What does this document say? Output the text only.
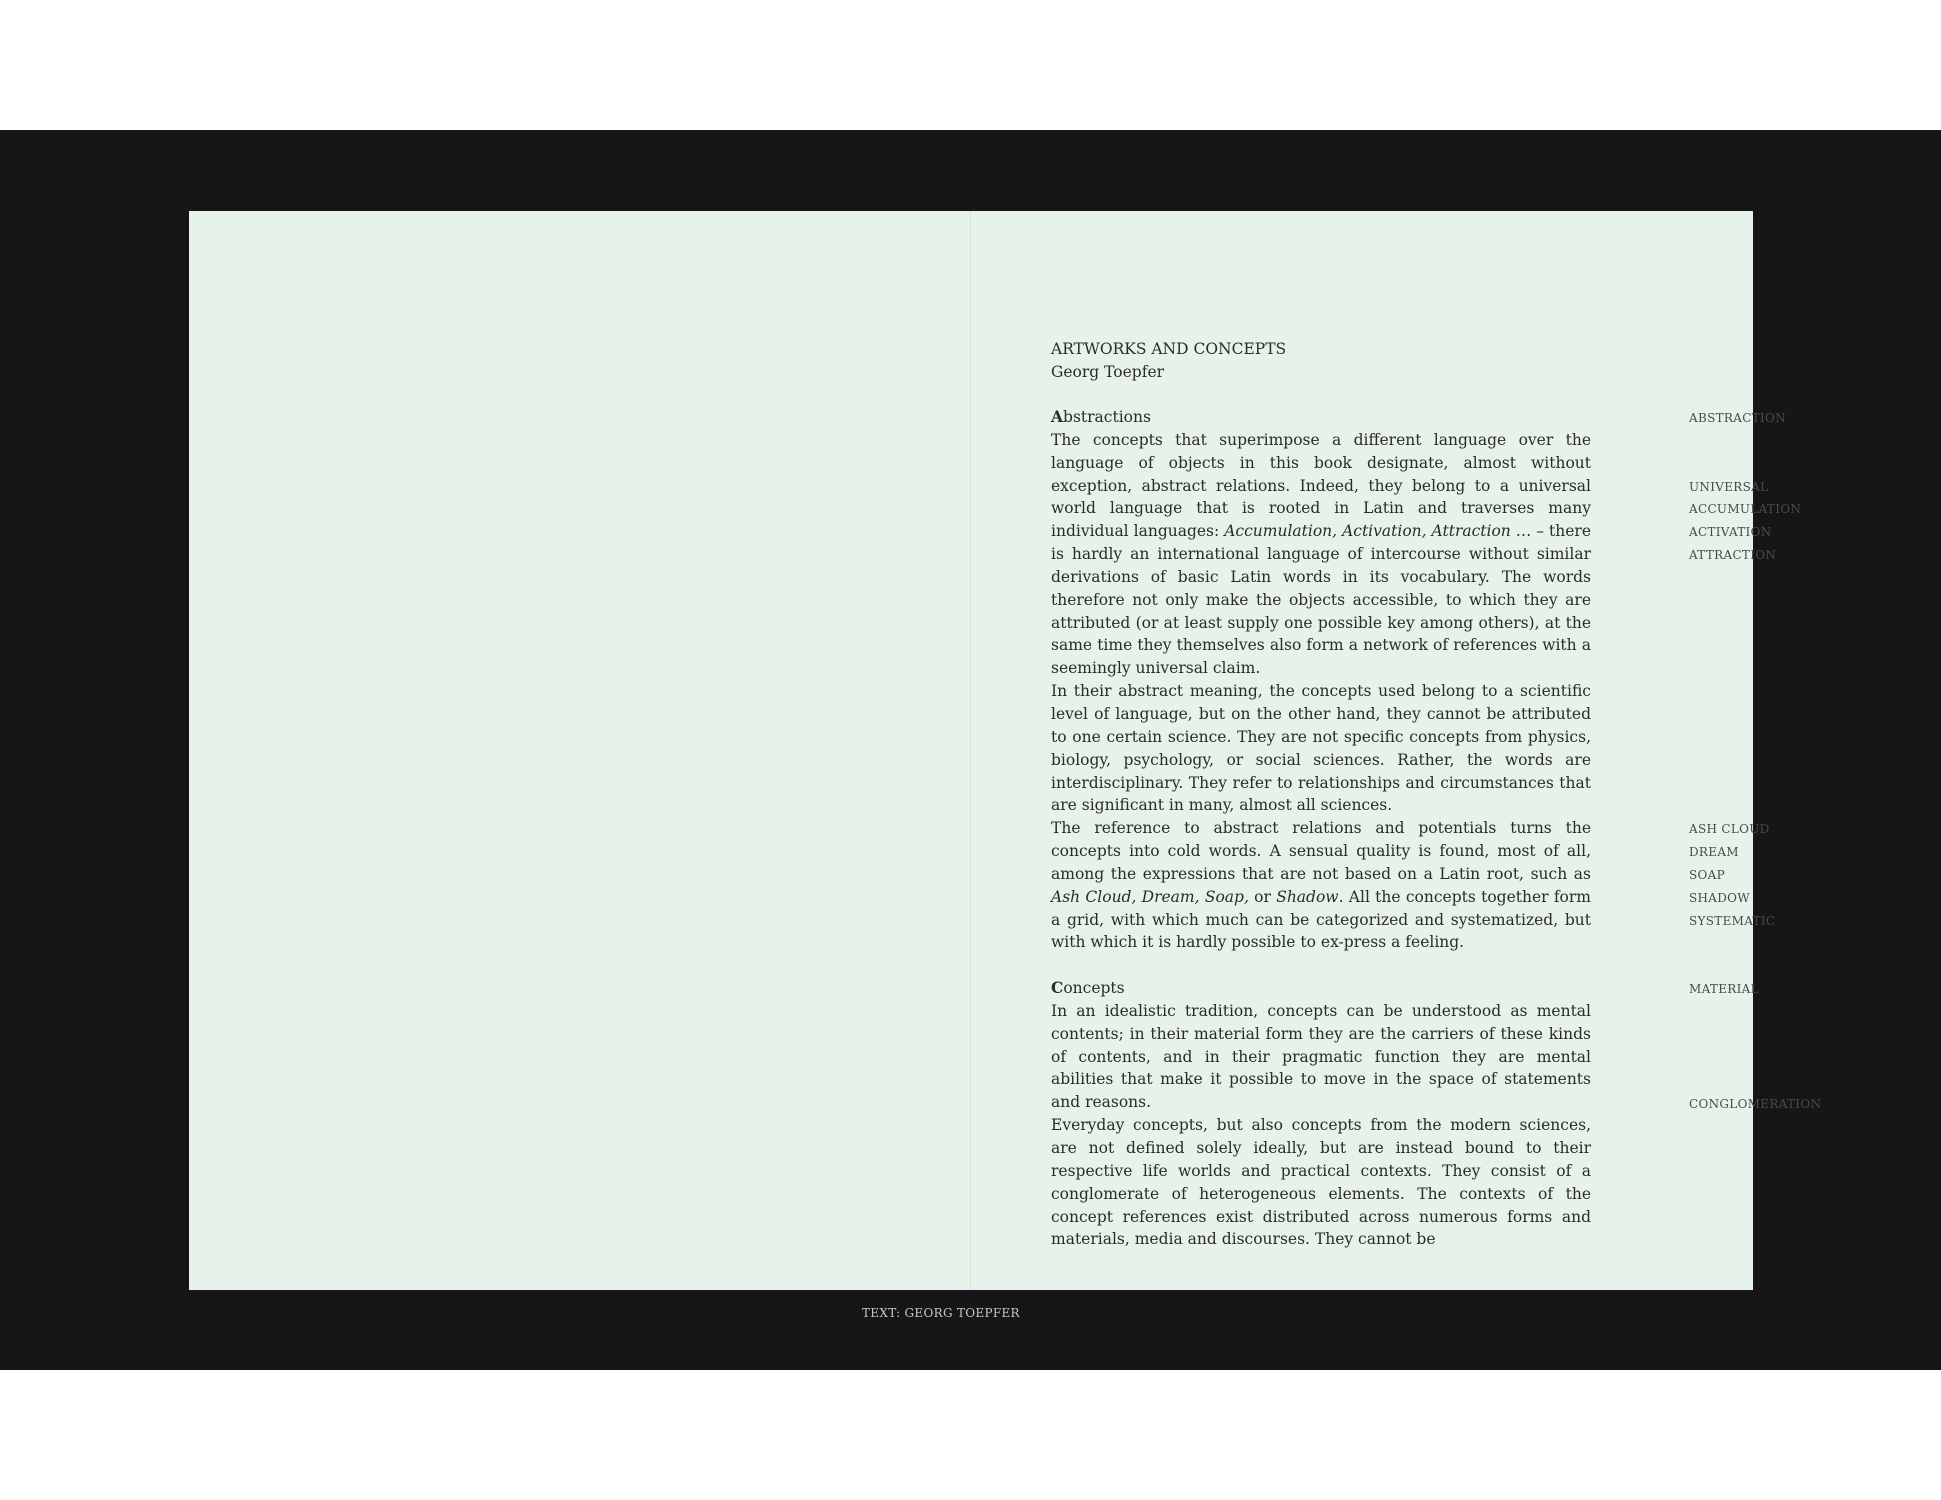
ARTWORKS AND CONCEPTS
Georg Toepfer
Abstractions

The concepts that superimpose a different language over the language of objects in this book designate, almost without exception, abstract relations. Indeed, they belong to a universal world language that is rooted in Latin and traverses many individual languages: Accumulation, Activation, Attraction … – there is hardly an international language of intercourse without similar derivations of basic Latin words in its vocabulary. The words therefore not only make the objects accessible, to which they are attributed (or at least supply one possible key among others), at the same time they themselves also form a network of references with a seemingly universal claim.

In their abstract meaning, the concepts used belong to a scientific level of language, but on the other hand, they cannot be attributed to one certain science. They are not specific concepts from physics, biology, psychology, or social sciences. Rather, the words are interdisciplinary. They refer to relationships and circumstances that are significant in many, almost all sciences.

The reference to abstract relations and potentials turns the concepts into cold words. A sensual quality is found, most of all, among the expressions that are not based on a Latin root, such as Ash Cloud, Dream, Soap, or Shadow. All the concepts together form a grid, with which much can be categorized and systematized, but with which it is hardly possible to ex-press a feeling.

Concepts

In an idealistic tradition, concepts can be understood as mental contents; in their material form they are the carriers of these kinds of contents, and in their pragmatic function they are mental abilities that make it possible to move in the space of statements and reasons.

Everyday concepts, but also concepts from the modern sciences, are not defined solely ideally, but are instead bound to their respective life worlds and practical contexts. They consist of a conglomerate of heterogeneous elements. The contexts of the concept references exist distributed across numerous forms and materials, media and discourses. They cannot be

ABSTRACTION
UNIVERSAL
ACCUMULATION
ACTIVATION
ATTRACTION
ASH CLOUD
DREAM
SOAP
SHADOW
SYSTEMATIC
MATERIAL
CONGLOMERATION
TEXT: GEORG TOEPFER
